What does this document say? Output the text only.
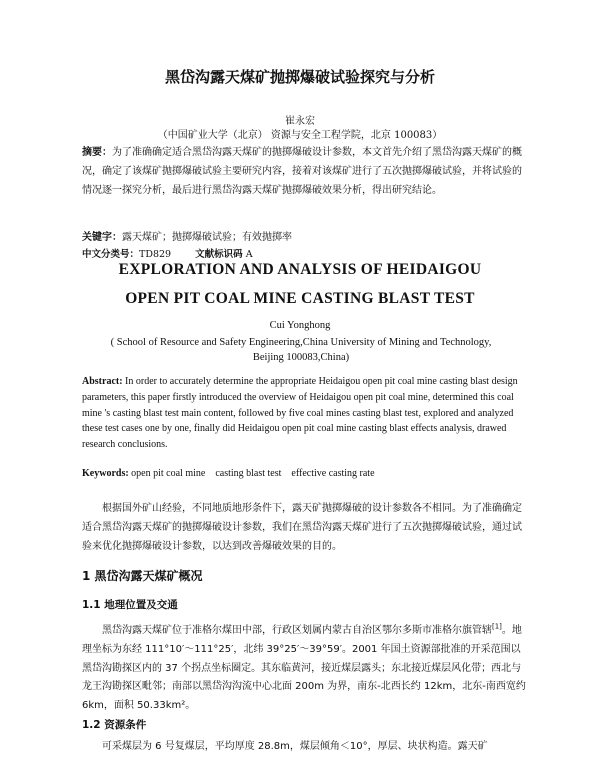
黑岱沟露天煤矿抛掷爆破试验探究与分析
崔永宏
（中国矿业大学（北京） 资源与安全工程学院，北京 100083）
摘要：为了准确确定适合黑岱沟露天煤矿的抛掷爆破设计参数，本文首先介绍了黑岱沟露天煤矿的概况，确定了该煤矿抛掷爆破试验主要研究内容，接着对该煤矿进行了五次抛掷爆破试验，并将试验的情况逐一探究分析，最后进行黑岱沟露天煤矿抛掷爆破效果分析，得出研究结论。
关键字：露天煤矿；抛掷爆破试验；有效抛掷率
中文分类号：TD829	文献标识码 A
EXPLORATION AND ANALYSIS OF HEIDAIGOU
OPEN PIT COAL MINE CASTING BLAST TEST
Cui Yonghong
( School of Resource and Safety Engineering,China University of Mining and Technology, Beijing 100083,China)
Abstract: In order to accurately determine the appropriate Heidaigou open pit coal mine casting blast design parameters, this paper firstly introduced the overview of Heidaigou open pit coal mine, determined this coal mine 's casting blast test main content, followed by five coal mines casting blast test, explored and analyzed these test cases one by one, finally did Heidaigou open pit coal mine casting blast effects analysis, drawed research conclusions.
Keywords: open pit coal mine    casting blast test    effective casting rate
根据国外矿山经验，不同地质地形条件下，露天矿抛掷爆破的设计参数各不相同。为了准确确定适合黑岱沟露天煤矿的抛掷爆破设计参数，我们在黑岱沟露天煤矿进行了五次抛掷爆破试验，通过试验来优化抛掷爆破设计参数，以达到改善爆破效果的目的。
1 黑岱沟露天煤矿概况
1.1 地理位置及交通
黑岱沟露天煤矿位于准格尔煤田中部，行政区划属内蒙古自治区鄂尔多斯市准格尔旗管辖[1]。地理坐标为东经 111°10′～111°25′，北纬 39°25′～39°59′。2001 年国土资源部批准的开采范围以黑岱沟勘探区内的 37 个拐点坐标圈定。其东临黄河，接近煤层露头；东北接近煤层风化带；西北与龙王沟勘探区毗邻；南部以黑岱沟沟流中心北面 200m 为界，南东-北西长约 12km，北东-南西宽约 6km，面积 50.33km²。
1.2 资源条件
可采煤层为 6 号复煤层，平均厚度 28.8m，煤层倾角＜10°，厚层、块状构造。露天矿
